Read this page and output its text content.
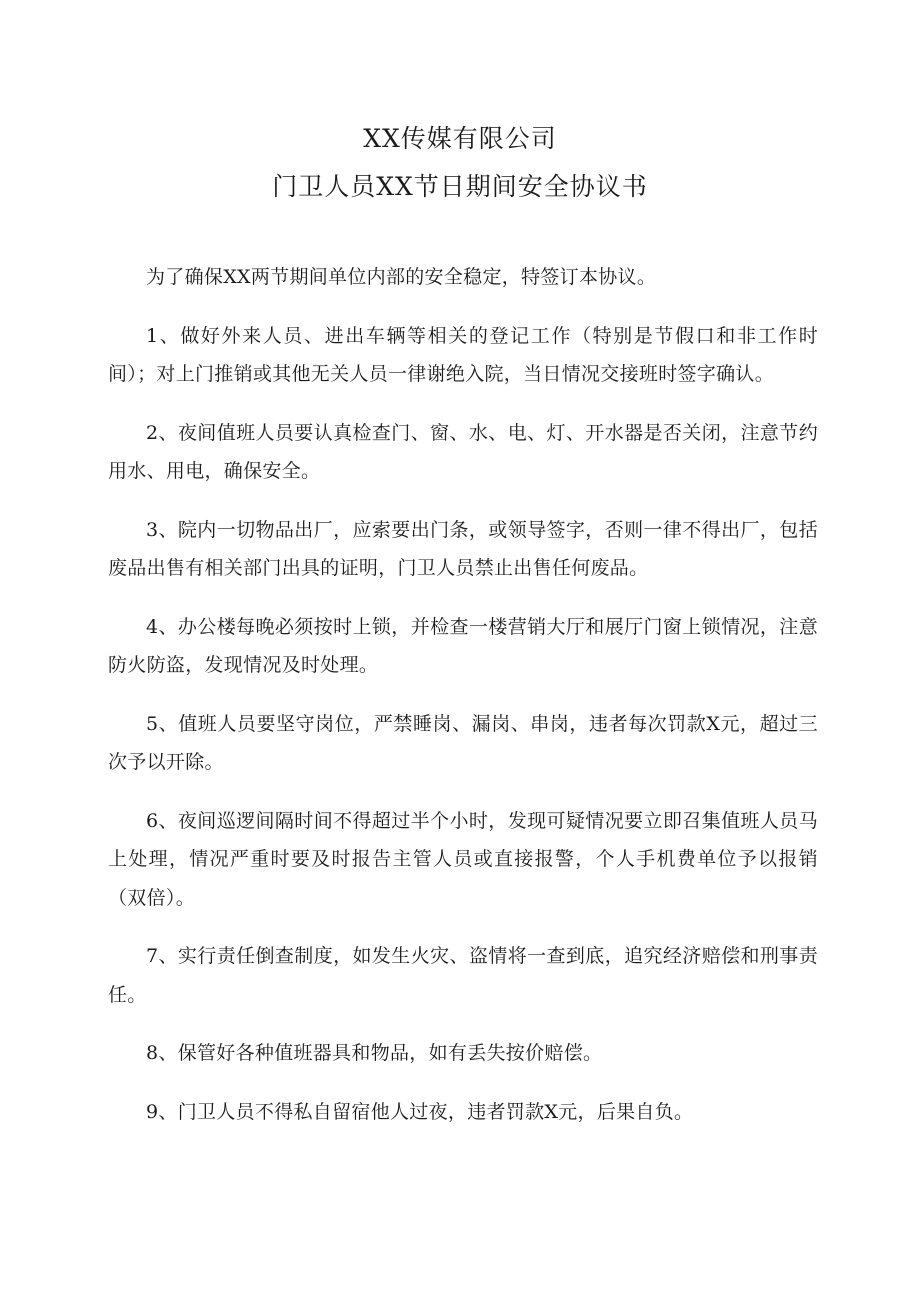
XX传媒有限公司
门卫人员XX节日期间安全协议书

为了确保XX两节期间单位内部的安全稳定，特签订本协议。

1、做好外来人员、进出车辆等相关的登记工作（特别是节假口和非工作时间）；对上门推销或其他无关人员一律谢绝入院，当日情况交接班时签字确认。

2、夜间值班人员要认真检查门、窗、水、电、灯、开水器是否关闭，注意节约用水、用电，确保安全。

3、院内一切物品出厂，应索要出门条，或领导签字，否则一律不得出厂，包括废品出售有相关部门出具的证明，门卫人员禁止出售任何废品。

4、办公楼每晚必须按时上锁，并检查一楼营销大厅和展厅门窗上锁情况，注意防火防盗，发现情况及时处理。

5、值班人员要坚守岗位，严禁睡岗、漏岗、串岗，违者每次罚款X元，超过三次予以开除。

6、夜间巡逻间隔时间不得超过半个小时，发现可疑情况要立即召集值班人员马上处理，情况严重时要及时报告主管人员或直接报警，个人手机费单位予以报销（双倍）。

7、实行责任倒查制度，如发生火灾、盗情将一查到底，追究经济赔偿和刑事责任。

8、保管好各种值班器具和物品，如有丢失按价赔偿。

9、门卫人员不得私自留宿他人过夜，违者罚款X元，后果自负。
